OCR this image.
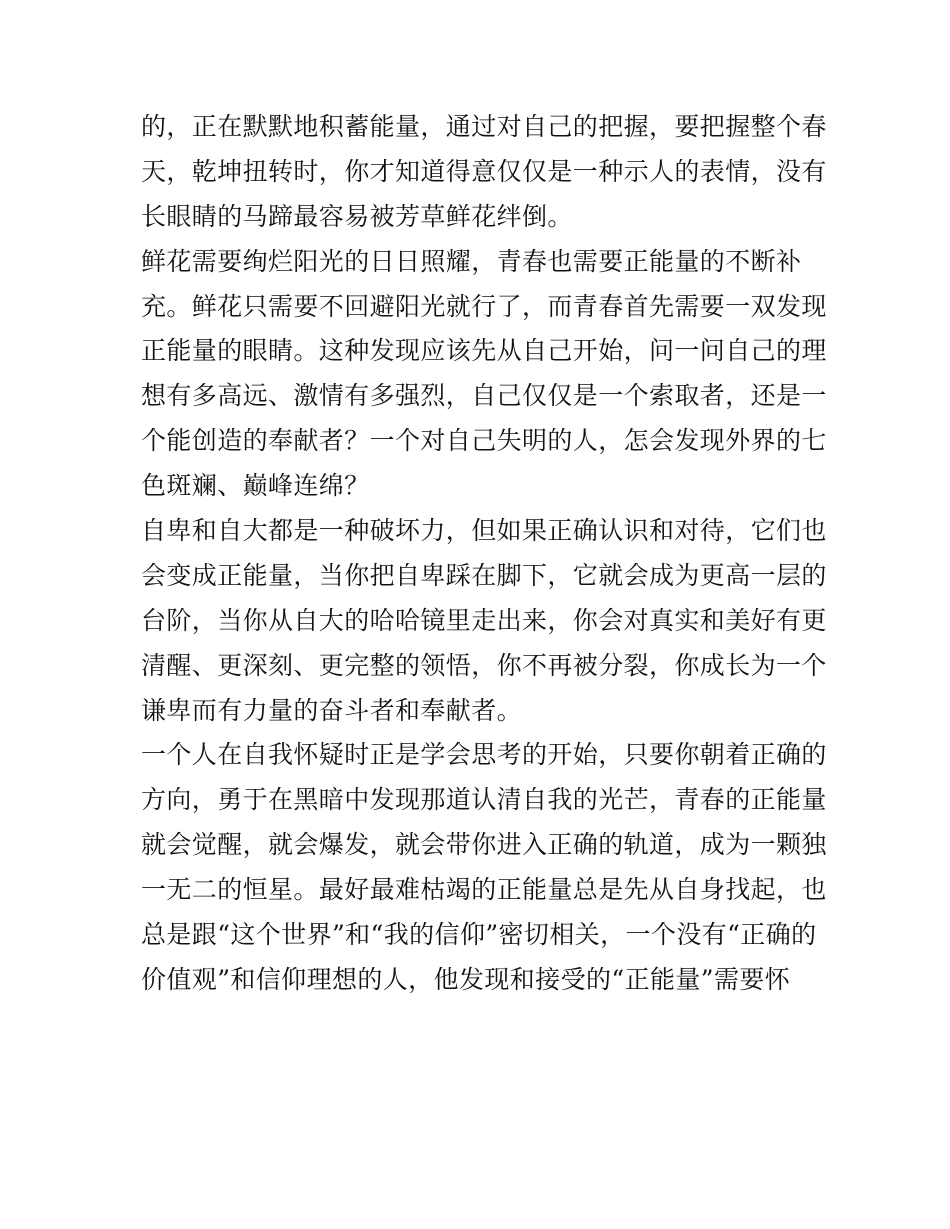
的，正在默默地积蓄能量，通过对自己的把握，要把握整个春
天，乾坤扭转时，你才知道得意仅仅是一种示人的表情，没有
长眼睛的马蹄最容易被芳草鲜花绊倒。
鲜花需要绚烂阳光的日日照耀，青春也需要正能量的不断补
充。鲜花只需要不回避阳光就行了，而青春首先需要一双发现
正能量的眼睛。这种发现应该先从自己开始，问一问自己的理
想有多高远、激情有多强烈，自己仅仅是一个索取者，还是一
个能创造的奉献者？一个对自己失明的人，怎会发现外界的七
色斑斓、巅峰连绵？
自卑和自大都是一种破坏力，但如果正确认识和对待，它们也
会变成正能量，当你把自卑踩在脚下，它就会成为更高一层的
台阶，当你从自大的哈哈镜里走出来，你会对真实和美好有更
清醒、更深刻、更完整的领悟，你不再被分裂，你成长为一个
谦卑而有力量的奋斗者和奉献者。
一个人在自我怀疑时正是学会思考的开始，只要你朝着正确的
方向，勇于在黑暗中发现那道认清自我的光芒，青春的正能量
就会觉醒，就会爆发，就会带你进入正确的轨道，成为一颗独
一无二的恒星。最好最难枯竭的正能量总是先从自身找起，也
总是跟“这个世界”和“我的信仰”密切相关，一个没有“正确的
价值观”和信仰理想的人，他发现和接受的“正能量”需要怀
